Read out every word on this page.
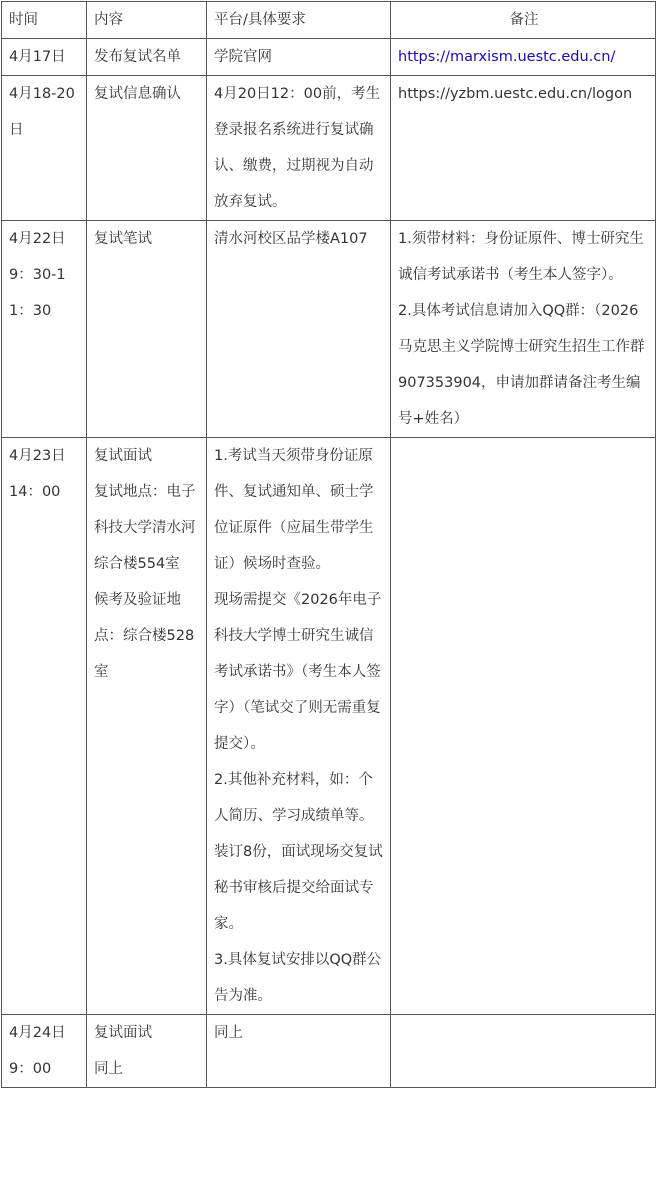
时间	内容	平台/具体要求	备注

4月17日	发布复试名单	学院官网	https://marxism.uestc.edu.cn/

4月18-20日	复试信息确认	4月20日12：00前，考生登录报名系统进行复试确认、缴费，过期视为自动放弃复试。	https://yzbm.uestc.edu.cn/logon

4月22日
9：30-11：30	复试笔试	清水河校区品学楼A107	1.须带材料：身份证原件、博士研究生诚信考试承诺书（考生本人签字）。
2.具体考试信息请加入QQ群：（2026马克思主义学院博士研究生招生工作群907353904，申请加群请备注考生编号+姓名）

4月23日
14：00	复试面试
复试地点：电子科技大学清水河综合楼554室
候考及验证地点：综合楼528室	1.考试当天须带身份证原件、复试通知单、硕士学位证原件（应届生带学生证）候场时查验。
现场需提交《2026年电子科技大学博士研究生诚信考试承诺书》（考生本人签字）（笔试交了则无需重复提交）。
2.其他补充材料，如：个人简历、学习成绩单等。装订8份，面试现场交复试秘书审核后提交给面试专家。
3.具体复试安排以QQ群公告为准。	

4月24日
9：00	复试面试
同上	同上	
